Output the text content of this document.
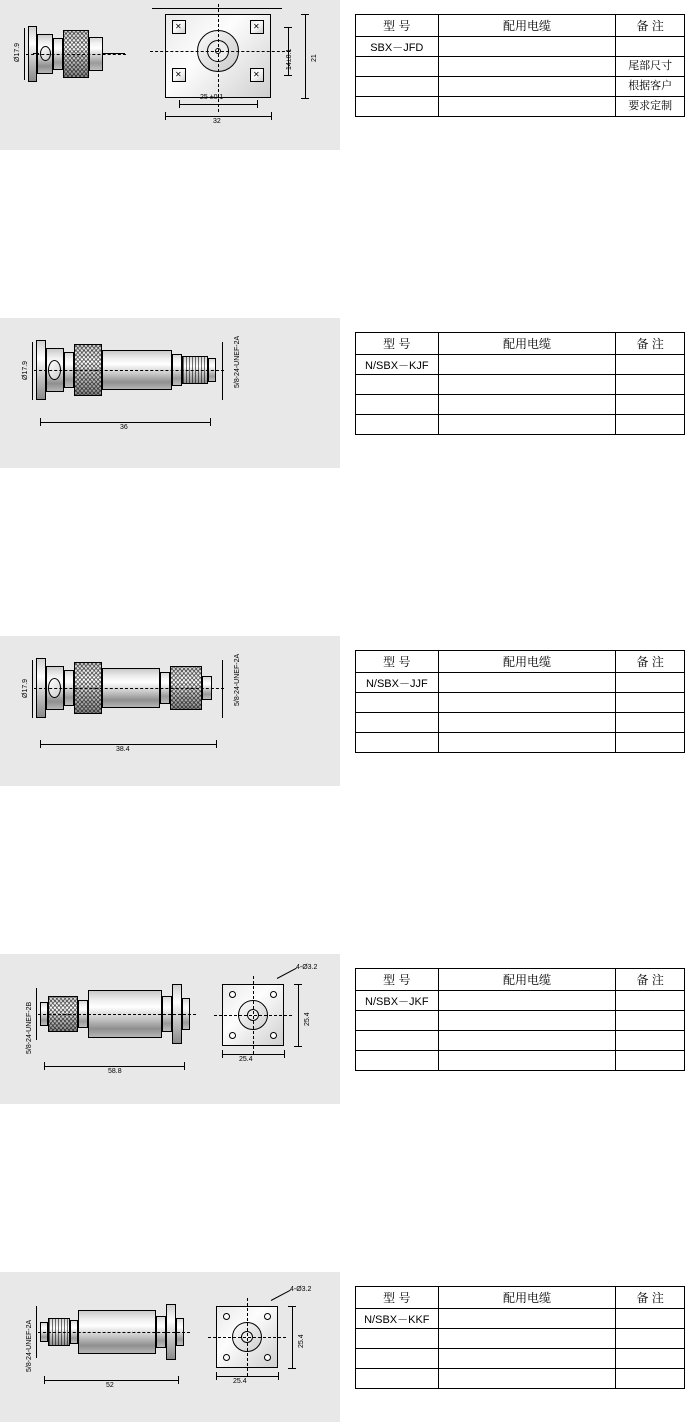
Ø17.9
✕	✕
✕	✕
25 ±0.1
32
14±0.1	21
型 号	配用电缆	备 注
SBX－JFD		
		尾部尺寸
		根据客户
		要求定制
Ø17.9	5/8-24-UNEF-2A
36
型 号	配用电缆	备 注
N/SBX－KJF		

Ø17.9	5/8-24-UNEF-2A
38.4
型 号	配用电缆	备 注
N/SBX－JJF		

5/8-24-UNEF-2B
58.8
4-Ø3.2
25.4
25.4
型 号	配用电缆	备 注
N/SBX－JKF		

5/8-24-UNEF-2A
52
4-Ø3.2
25.4
25.4
型 号	配用电缆	备 注
N/SBX－KKF		
